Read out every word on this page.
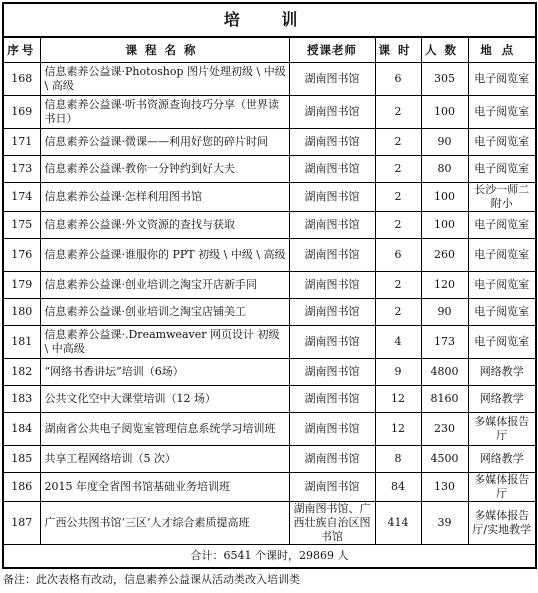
培 训					
序号	课程名称	授课老师	课时	人数	地点
168	信息素养公益课·Photoshop 图片处理初级 \ 中级 \ 高级	湖南图书馆	6	305	电子阅览室
169	信息素养公益课·听书资源查询技巧分享（世界读书日）	湖南图书馆	2	100	电子阅览室
171	信息素养公益课·微课——利用好您的碎片时间	湖南图书馆	2	90	电子阅览室
173	信息素养公益课·教你一分钟约到好大夫	湖南图书馆	2	80	电子阅览室
174	信息素养公益课·怎样利用图书馆	湖南图书馆	2	100	长沙一师二附小
175	信息素养公益课·外文资源的查找与获取	湖南图书馆	2	100	电子阅览室
176	信息素养公益课·谁服你的 PPT 初级 \ 中级 \ 高级	湖南图书馆	6	260	电子阅览室
179	信息素养公益课·创业培训之淘宝开店新手同	湖南图书馆	2	120	电子阅览室
180	信息素养公益课·创业培训之淘宝店铺美工	湖南图书馆	2	90	电子阅览室
181	信息素养公益课·.Dreamweaver 网页设计 初级 \ 中高级	湖南图书馆	4	173	电子阅览室
182	“网络书香讲坛”培训（6场）	湖南图书馆	9	4800	网络教学
183	公共文化空中大课堂培训（12 场）	湖南图书馆	12	8160	网络教学
184	湖南省公共电子阅览室管理信息系统学习培训班	湖南图书馆	12	230	多媒体报告厅
185	共享工程网络培训（5 次）	湖南图书馆	8	4500	网络教学
186	2015 年度全省图书馆基础业务培训班	湖南图书馆	84	130	多媒体报告厅
187	广西公共图书馆‘三区’人才综合素质提高班	湖南图书馆、广西壮族自治区图书馆	414	39	多媒体报告厅/实地教学
合计：6541 个课时，29869 人					
备注：此次表格有改动，信息素养公益课从活动类改入培训类
